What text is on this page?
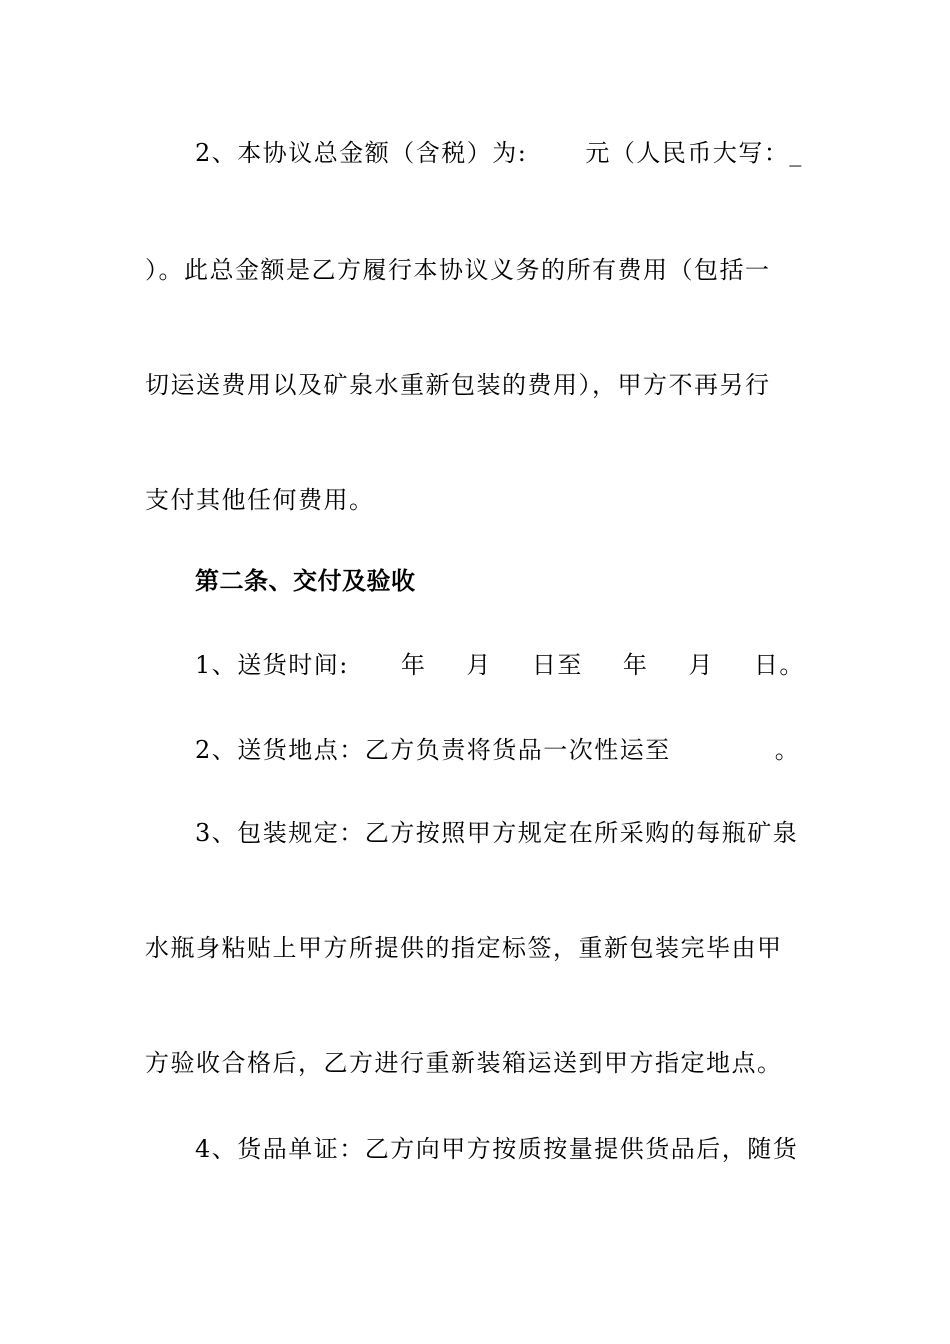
2、本协议总金额（含税）为: 元（人民币大写：_
）。此总金额是乙方履行本协议义务的所有费用（包括一
切运送费用以及矿泉水重新包装的费用），甲方不再另行
支付其他任何费用。
第二条、交付及验收
1、送货时间: 年 月 日至 年 月 日。
2、送货地点：乙方负责将货品一次性运至	。
3、包装规定：乙方按照甲方规定在所采购的每瓶矿泉
水瓶身粘贴上甲方所提供的指定标签，重新包装完毕由甲
方验收合格后，乙方进行重新装箱运送到甲方指定地点。
4、货品单证：乙方向甲方按质按量提供货品后，随货
